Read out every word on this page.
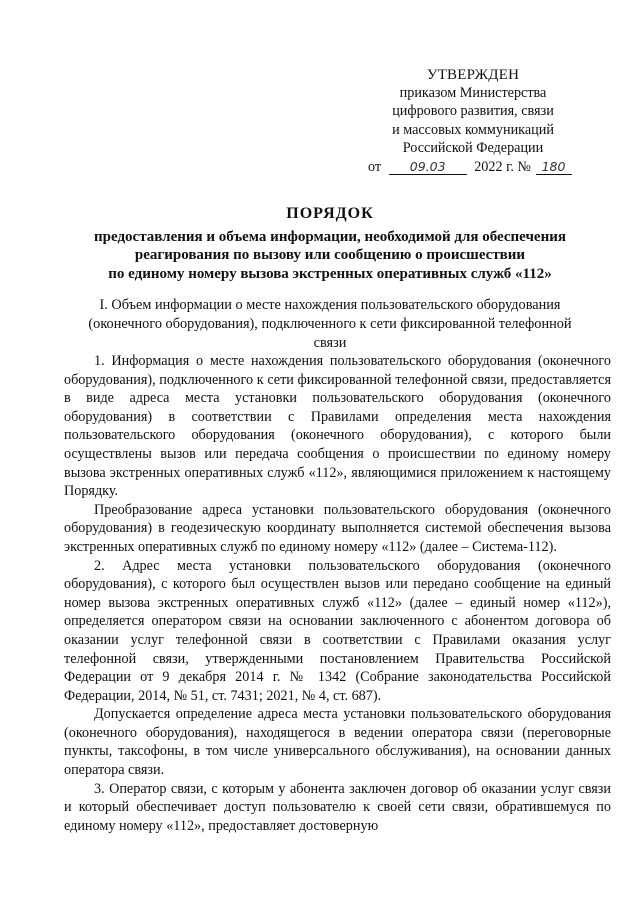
УТВЕРЖДЕН
приказом Министерства
цифрового развития, связи
и массовых коммуникаций
Российской Федерации
от 09.03 2022 г. № 180
ПОРЯДОК
предоставления и объема информации, необходимой для обеспечения
реагирования по вызову или сообщению о происшествии
по единому номеру вызова экстренных оперативных служб «112»
I. Объем информации о месте нахождения пользовательского оборудования
(оконечного оборудования), подключенного к сети фиксированной телефонной
связи

1. Информация о месте нахождения пользовательского оборудования (оконечного оборудования), подключенного к сети фиксированной телефонной связи, предоставляется в виде адреса места установки пользовательского оборудования (оконечного оборудования) в соответствии с Правилами определения места нахождения пользовательского оборудования (оконечного оборудования), с которого были осуществлены вызов или передача сообщения о происшествии по единому номеру вызова экстренных оперативных служб «112», являющимися приложением к настоящему Порядку.

Преобразование адреса установки пользовательского оборудования (оконечного оборудования) в геодезическую координату выполняется системой обеспечения вызова экстренных оперативных служб по единому номеру «112» (далее – Система-112).

2. Адрес места установки пользовательского оборудования (оконечного оборудования), с которого был осуществлен вызов или передано сообщение на единый номер вызова экстренных оперативных служб «112» (далее – единый номер «112»), определяется оператором связи на основании заключенного с абонентом договора об оказании услуг телефонной связи в соответствии с Правилами оказания услуг телефонной связи, утвержденными постановлением Правительства Российской Федерации от 9 декабря 2014 г. № 1342 (Собрание законодательства Российской Федерации, 2014, № 51, ст. 7431; 2021, № 4, ст. 687).

Допускается определение адреса места установки пользовательского оборудования (оконечного оборудования), находящегося в ведении оператора связи (переговорные пункты, таксофоны, в том числе универсального обслуживания), на основании данных оператора связи.

3. Оператор связи, с которым у абонента заключен договор об оказании услуг связи и который обеспечивает доступ пользователю к своей сети связи, обратившемуся по единому номеру «112», предоставляет достоверную
